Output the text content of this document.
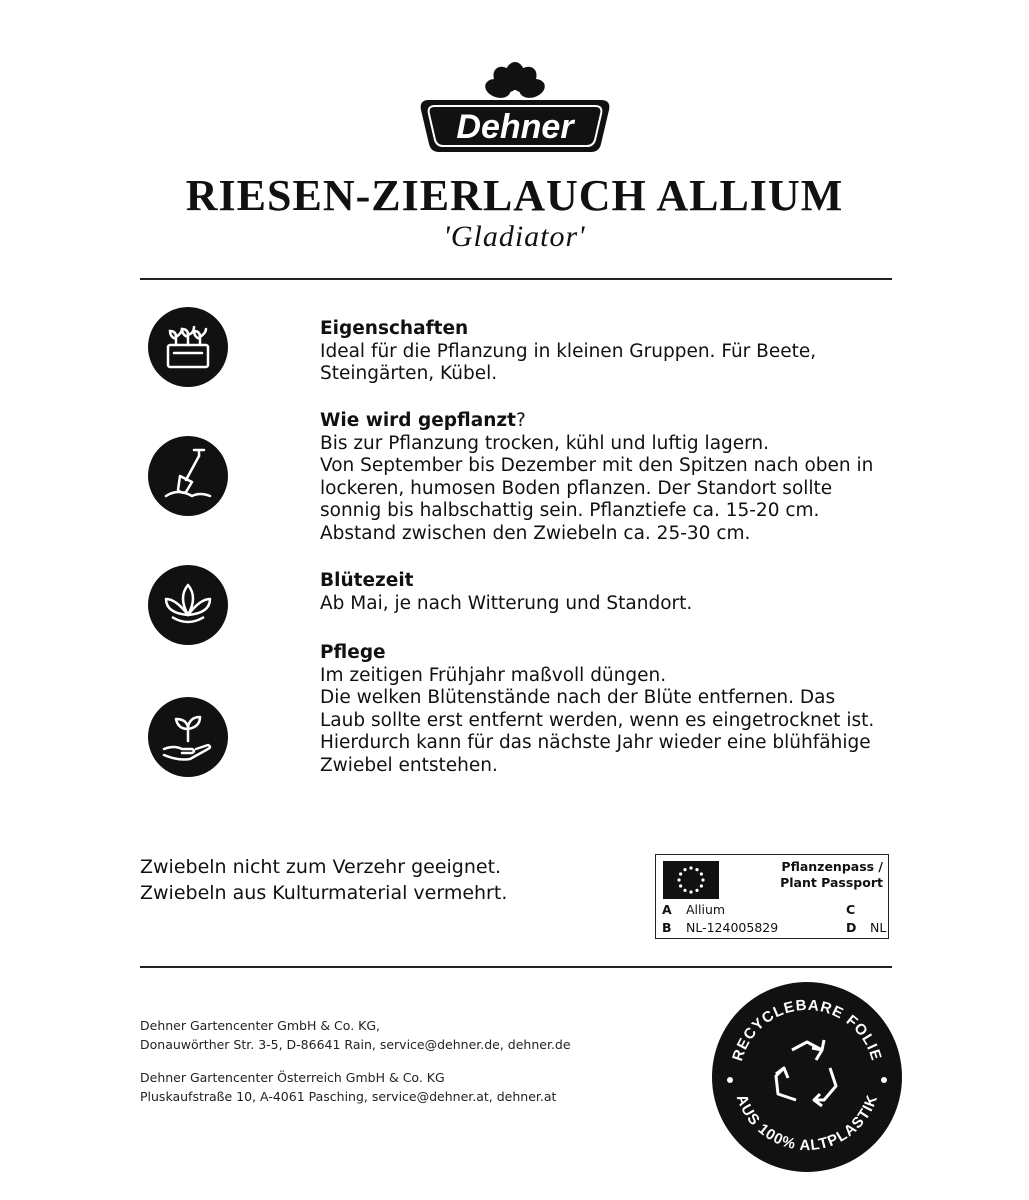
Dehner
RIESEN-ZIERLAUCH ALLIUM
'Gladiator'
Eigenschaften
Ideal für die Pflanzung in kleinen Gruppen. Für Beete,
Steingärten, Kübel.
Wie wird gepflanzt?
Bis zur Pflanzung trocken, kühl und luftig lagern.
Von September bis Dezember mit den Spitzen nach oben in
lockeren, humosen Boden pflanzen. Der Standort sollte
sonnig bis halbschattig sein. Pflanztiefe ca. 15-20 cm.
Abstand zwischen den Zwiebeln ca. 25-30 cm.
Blütezeit
Ab Mai, je nach Witterung und Standort.
Pflege
Im zeitigen Frühjahr maßvoll düngen.
Die welken Blütenstände nach der Blüte entfernen. Das
Laub sollte erst entfernt werden, wenn es eingetrocknet ist.
Hierdurch kann für das nächste Jahr wieder eine blühfähige
Zwiebel entstehen.
Zwiebeln nicht zum Verzehr geeignet.
Zwiebeln aus Kulturmaterial vermehrt.
Pflanzenpass /
Plant Passport
A Allium	C
B NL-124005829	D NL
Dehner Gartencenter GmbH & Co. KG,
Donauwörther Str. 3-5, D-86641 Rain, service@dehner.de, dehner.de
Dehner Gartencenter Österreich GmbH & Co. KG
Pluskaufstraße 10, A-4061 Pasching, service@dehner.at, dehner.at
RECYCLEBARE FOLIE
AUS 100% ALTPLASTIK
